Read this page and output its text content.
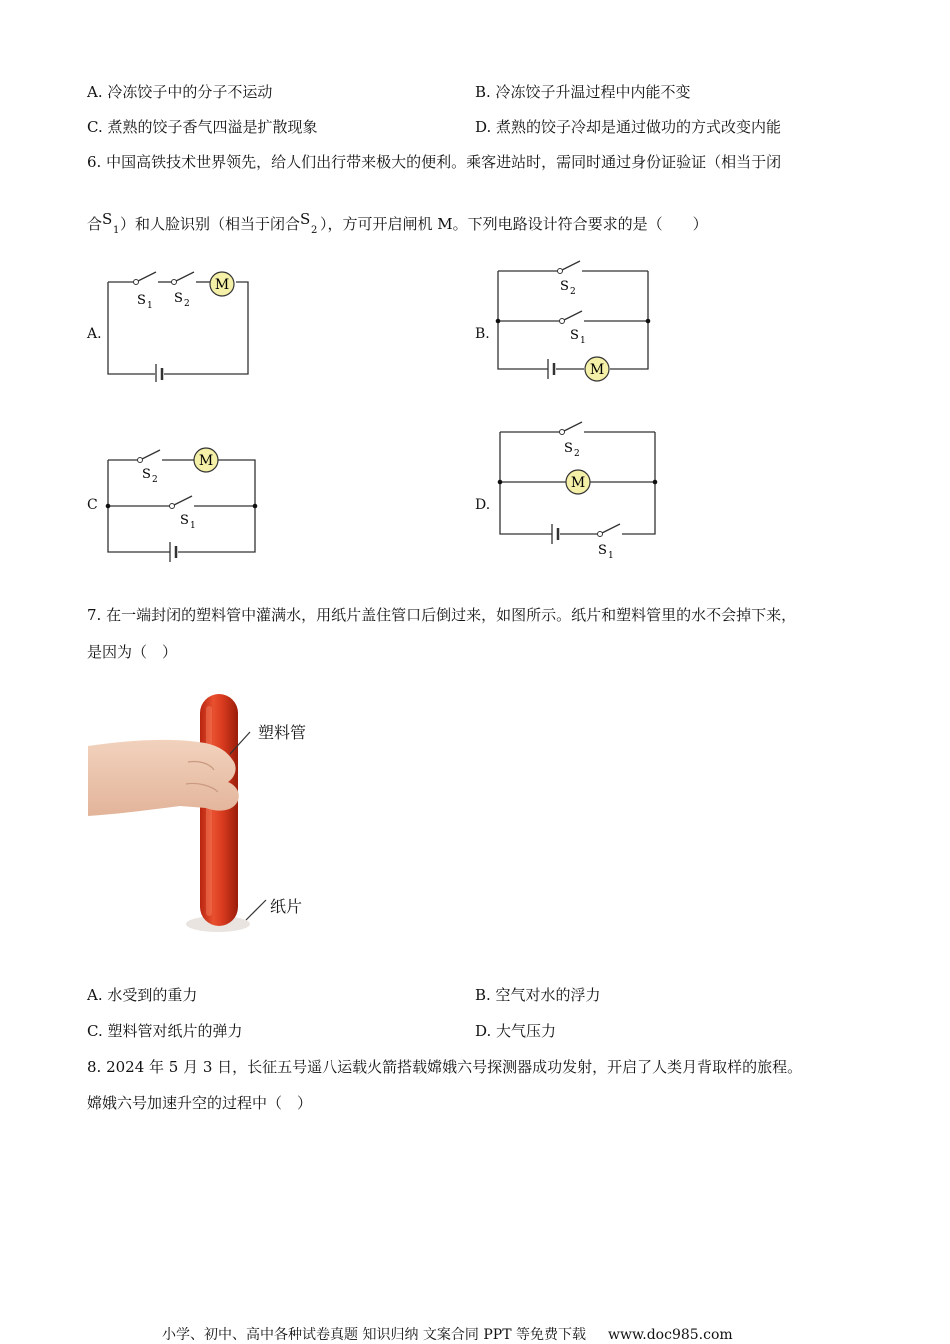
A. 冷冻饺子中的分子不运动	B. 冷冻饺子升温过程中内能不变
C. 煮熟的饺子香气四溢是扩散现象	D. 煮熟的饺子冷却是通过做功的方式改变内能
6. 中国高铁技术世界领先，给人们出行带来极大的便利。乘客进站时，需同时通过身份证验证（相当于闭
合 S
1 ）和人脸识别（相当于闭合 S
2 ），方可开启闸机 M。下列电路设计符合要求的是（　　）
A.
M
S 1 S 2
B.
M
S 2
S 1
C
M
S 2
S 1
D.
M
S 2
S 1
7. 在一端封闭的塑料管中灌满水，用纸片盖住管口后倒过来，如图所示。纸片和塑料管里的水不会掉下来，
是因为（　）
塑料管
纸片
A. 水受到的重力	B. 空气对水的浮力
C. 塑料管对纸片的弹力	D. 大气压力
8. 2024 年 5 月 3 日，长征五号遥八运载火箭搭载嫦娥六号探测器成功发射，开启了人类月背取样的旅程。
嫦娥六号加速升空的过程中（　）
小学、初中、高中各种试卷真题 知识归纳 文案合同 PPT 等免费下载 www.doc985.com
